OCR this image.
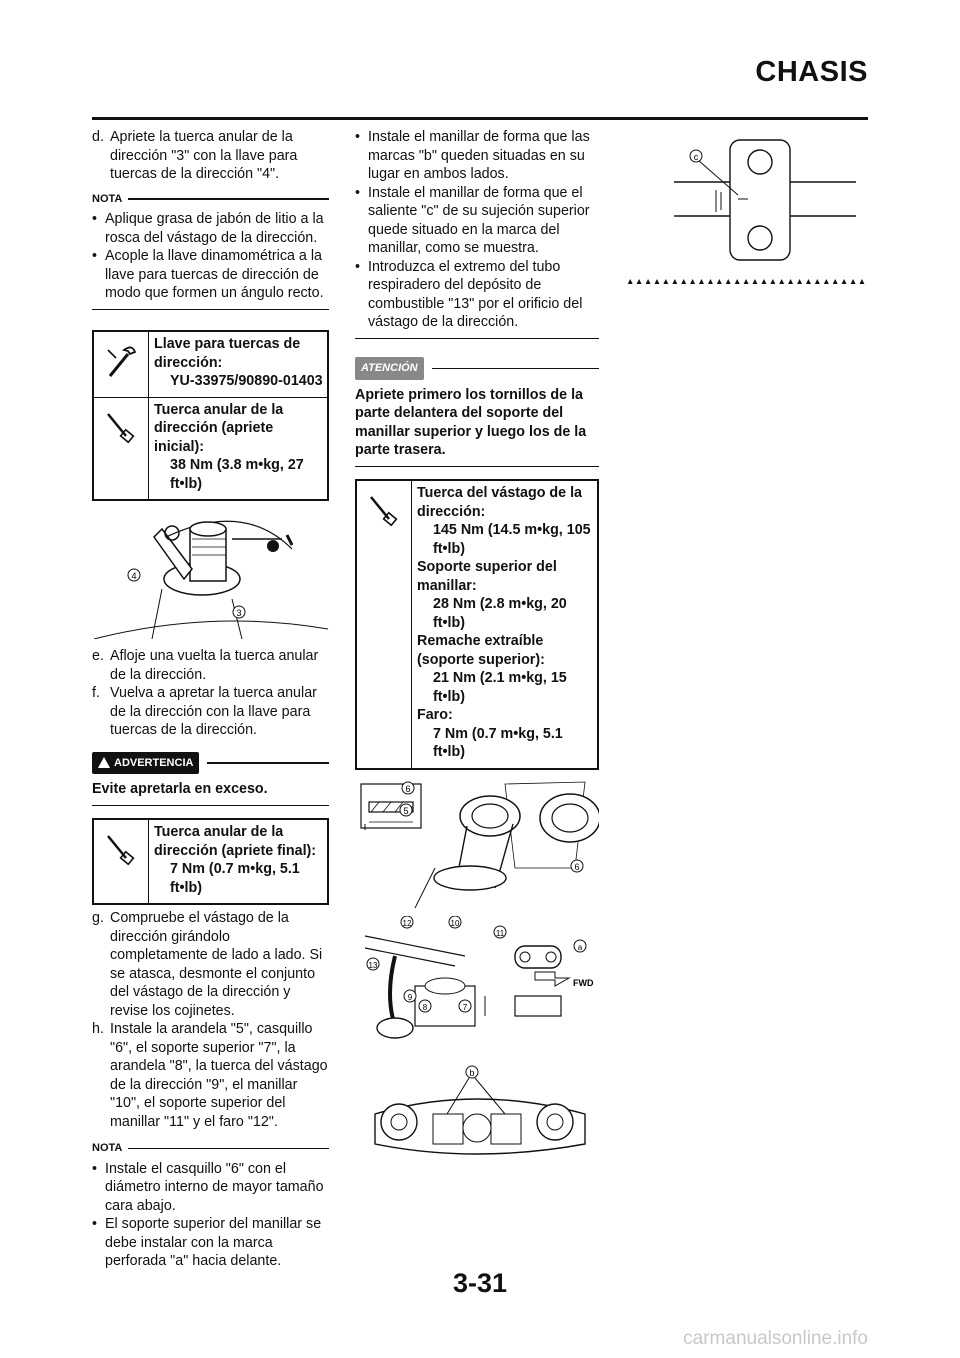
CHASIS
d. Apriete la tuerca anular de la dirección "3" con la llave para tuercas de la dirección "4".
NOTA
• Aplique grasa de jabón de litio a la rosca del vástago de la dirección.
• Acople la llave dinamométrica a la llave para tuercas de dirección de modo que formen un ángulo recto.
Llave para tuercas de dirección:
YU-33975/90890-01403
Tuerca anular de la dirección (apriete inicial):
38 Nm (3.8 m•kg, 27 ft•lb)
4
3
e. Afloje una vuelta la tuerca anular de la dirección.
f. Vuelva a apretar la tuerca anular de la dirección con la llave para tuercas de la dirección.
ADVERTENCIA
Evite apretarla en exceso.
Tuerca anular de la dirección (apriete final):
7 Nm (0.7 m•kg, 5.1 ft•lb)
g. Compruebe el vástago de la dirección girándolo completamente de lado a lado. Si se atasca, desmonte el conjunto del vástago de la dirección y revise los cojinetes.
h. Instale la arandela "5", casquillo "6", el soporte superior "7", la arandela "8", la tuerca del vástago de la dirección "9", el manillar "10", el soporte superior del manillar "11" y el faro "12".
NOTA
• Instale el casquillo "6" con el diámetro interno de mayor tamaño cara abajo.
• El soporte superior del manillar se debe instalar con la marca perforada "a" hacia delante.
• Instale el manillar de forma que las marcas "b" queden situadas en su lugar en ambos lados.
• Instale el manillar de forma que el saliente "c" de su sujeción superior quede situado en la marca del manillar, como se muestra.
• Introduzca el extremo del tubo respiradero del depósito de combustible "13" por el orificio del vástago de la dirección.
ATENCIÓN
Apriete primero los tornillos de la parte delantera del soporte del manillar superior y luego los de la parte trasera.
Tuerca del vástago de la dirección:
145 Nm (14.5 m•kg, 105 ft•lb)
Soporte superior del manillar:
28 Nm (2.8 m•kg, 20 ft•lb)
Remache extraíble (soporte superior):
21 Nm (2.1 m•kg, 15 ft•lb)
Faro:
7 Nm (0.7 m•kg, 5.1 ft•lb)
6
5
6
12	10
11
a
13
9
8	7
FWD
b
c
▲▲▲▲▲▲▲▲▲▲▲▲▲▲▲▲▲▲▲▲▲▲▲▲▲▲▲
3-31
carmanualsonline.info
